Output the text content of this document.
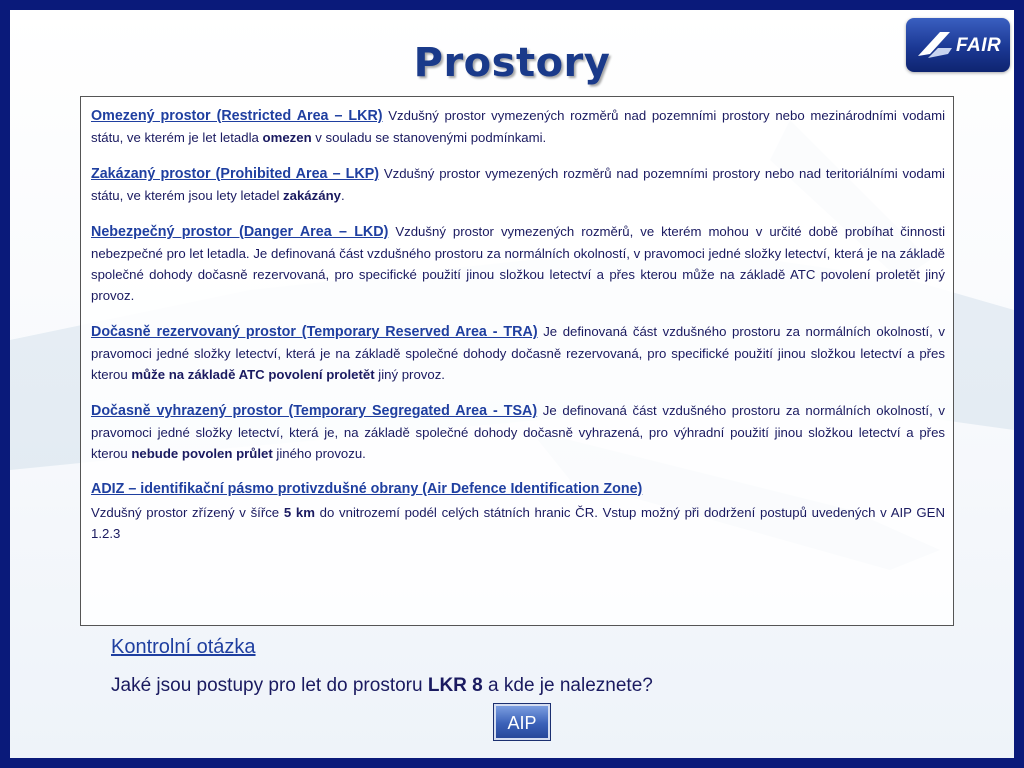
FAIR
Prostory

Omezený prostor (Restricted Area – LKR) Vzdušný prostor vymezených rozměrů nad pozemními prostory nebo mezinárodními vodami státu, ve kterém je let letadla omezen v souladu se stanovenými podmínkami.

Zakázaný prostor (Prohibited Area – LKP) Vzdušný prostor vymezených rozměrů nad pozemními prostory nebo nad teritoriálními vodami státu, ve kterém jsou lety letadel zakázány.

Nebezpečný prostor (Danger Area – LKD) Vzdušný prostor vymezených rozměrů, ve kterém mohou v určité době probíhat činnosti nebezpečné pro let letadla. Je definovaná část vzdušného prostoru za normálních okolností, v pravomoci jedné složky letectví, která je na základě společné dohody dočasně rezervovaná, pro specifické použití jinou složkou letectví a přes kterou může na základě ATC povolení proletět jiný provoz.

Dočasně rezervovaný prostor (Temporary Reserved Area - TRA) Je definovaná část vzdušného prostoru za normálních okolností, v pravomoci jedné složky letectví, která je na základě společné dohody dočasně rezervovaná, pro specifické použití jinou složkou letectví a přes kterou může na základě ATC povolení proletět jiný provoz.

Dočasně vyhrazený prostor (Temporary Segregated Area - TSA) Je definovaná část vzdušného prostoru za normálních okolností, v pravomoci jedné složky letectví, která je, na základě společné dohody dočasně vyhrazená, pro výhradní použití jinou složkou letectví a přes kterou nebude povolen průlet jiného provozu.

ADIZ – identifikační pásmo protivzdušné obrany (Air Defence Identification Zone)

Vzdušný prostor zřízený v šířce 5 km do vnitrozemí podél celých státních hranic ČR. Vstup možný při dodržení postupů uvedených v AIP GEN 1.2.3

Kontrolní otázka

Jaké jsou postupy pro let do prostoru LKR 8 a kde je naleznete?

AIP
